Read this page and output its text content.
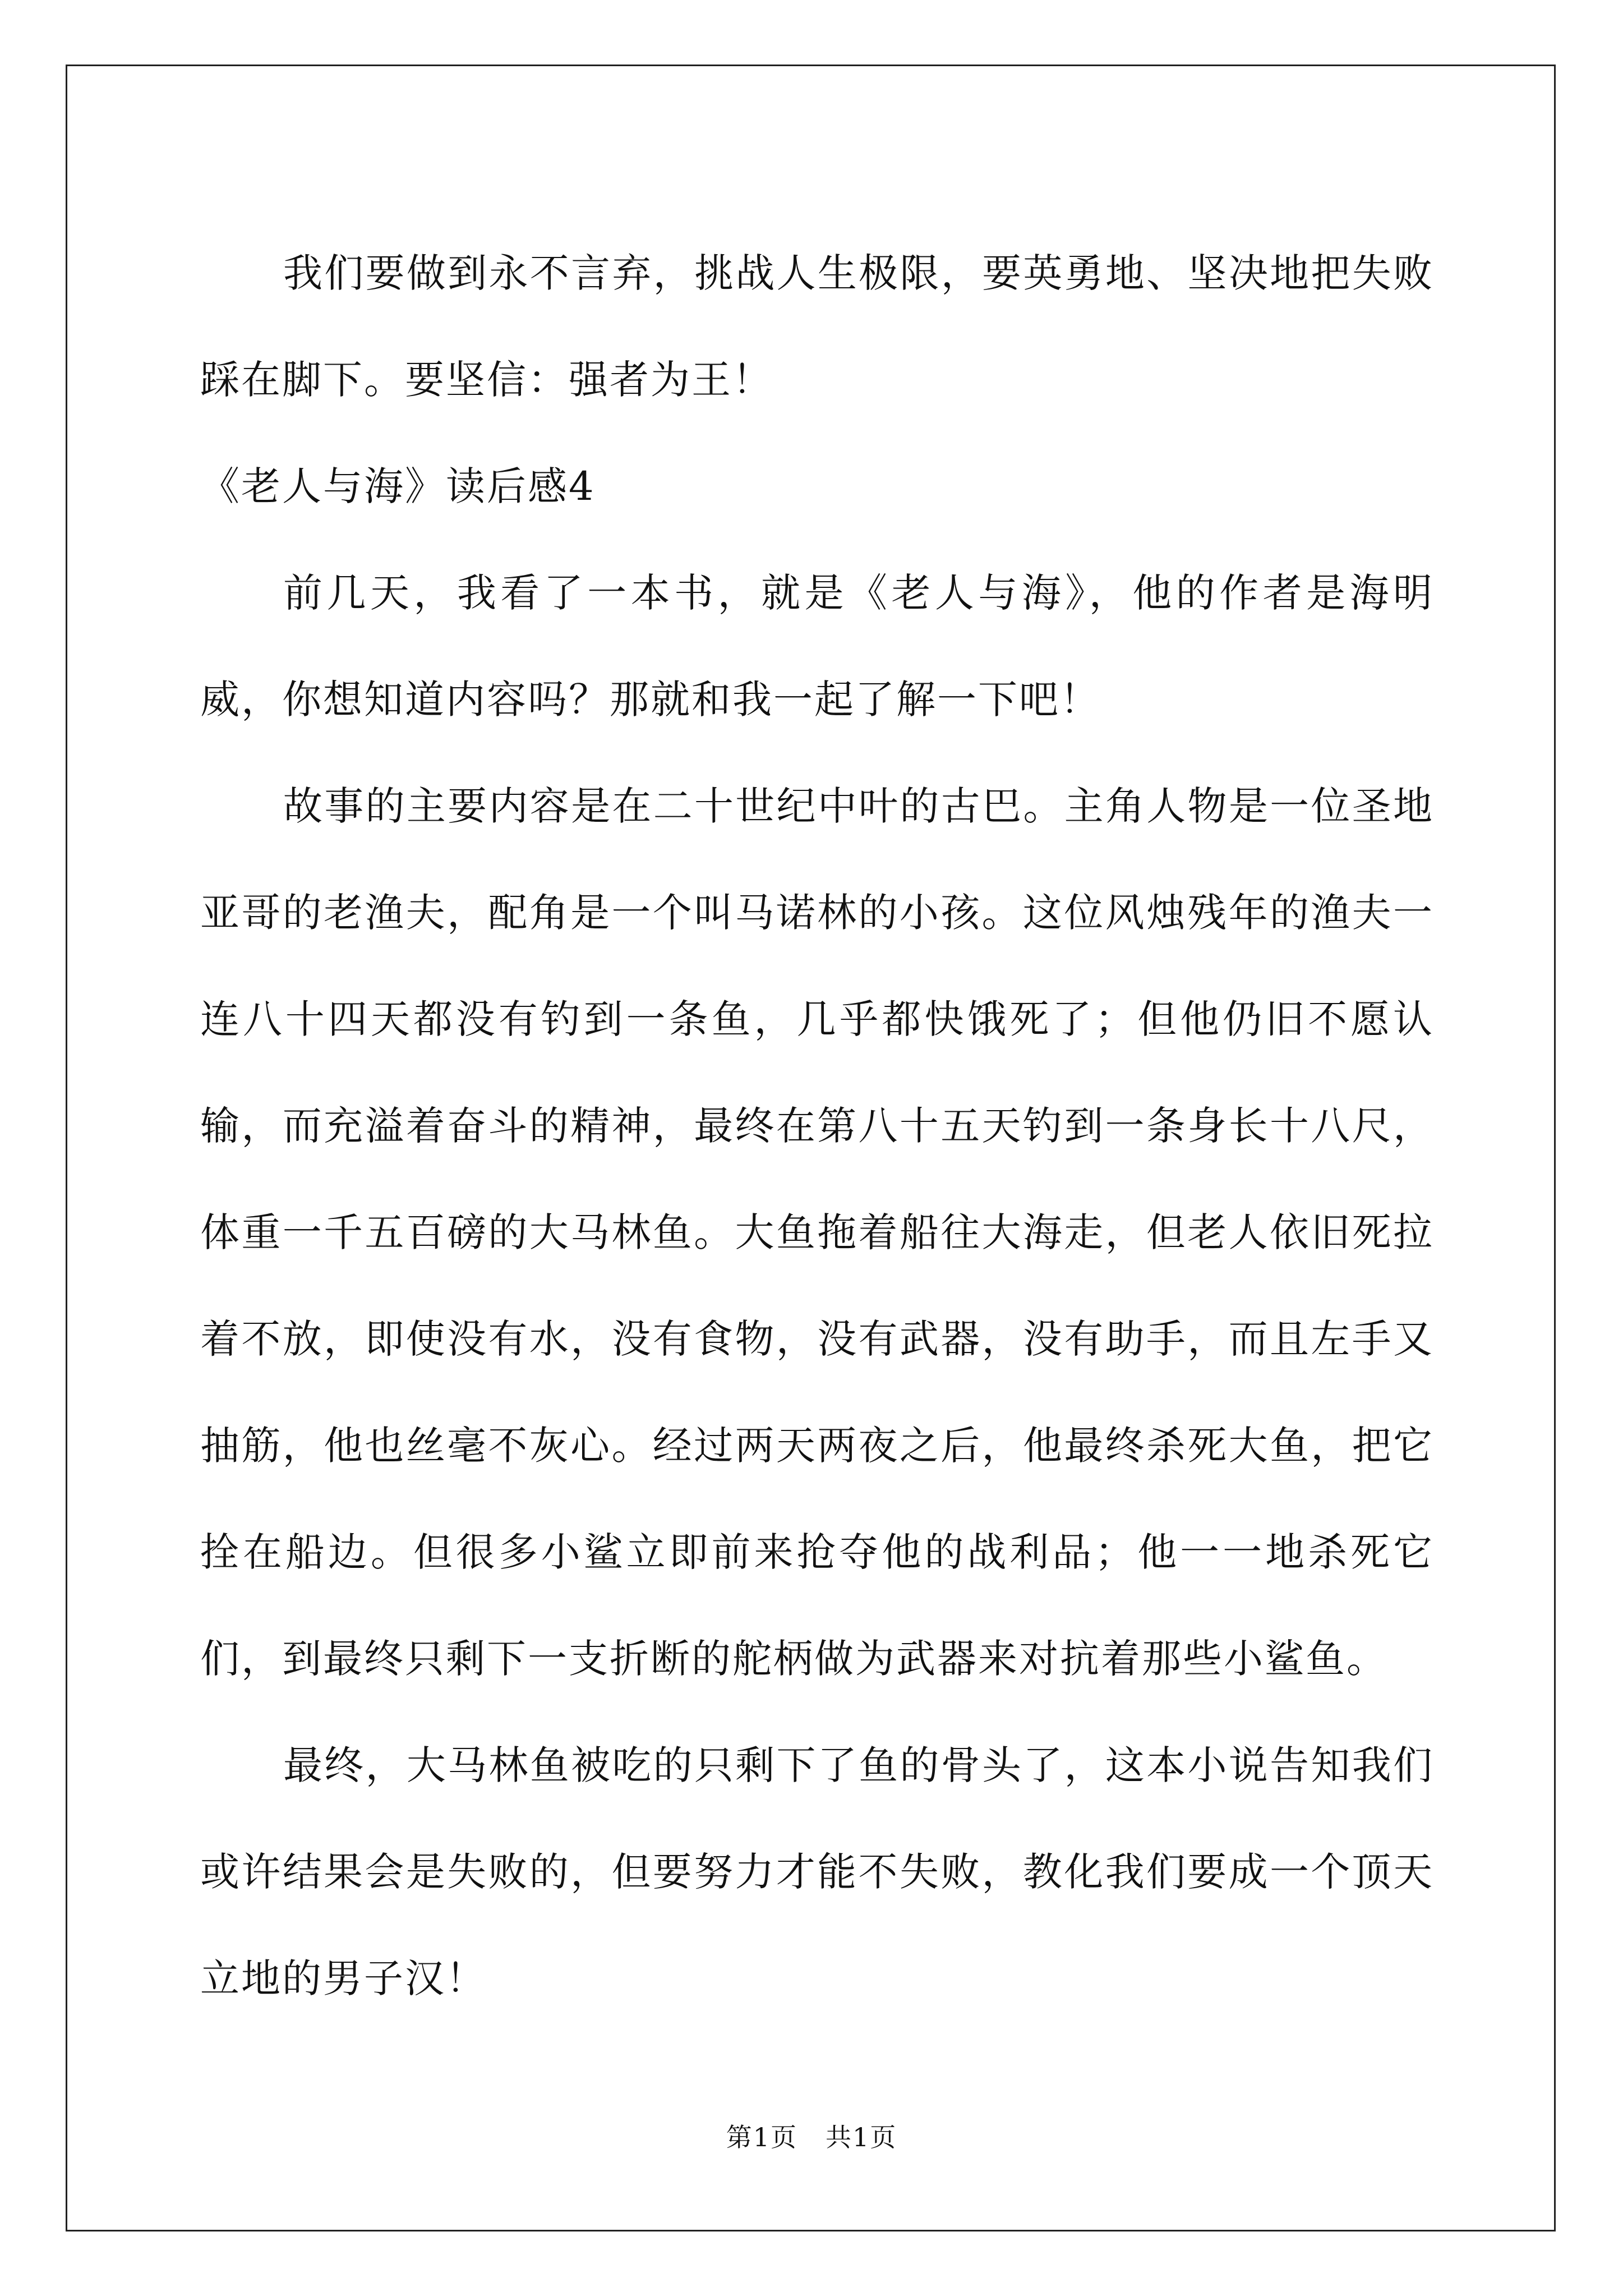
我们要做到永不言弃，挑战人生极限，要英勇地、坚决地把失败踩在脚下。要坚信：强者为王！

《老人与海》读后感4

前几天，我看了一本书，就是《老人与海》，他的作者是海明威，你想知道内容吗？那就和我一起了解一下吧！

故事的主要内容是在二十世纪中叶的古巴。主角人物是一位圣地亚哥的老渔夫，配角是一个叫马诺林的小孩。这位风烛残年的渔夫一连八十四天都没有钓到一条鱼，几乎都快饿死了；但他仍旧不愿认输，而充溢着奋斗的精神，最终在第八十五天钓到一条身长十八尺，体重一千五百磅的大马林鱼。大鱼拖着船往大海走，但老人依旧死拉着不放，即使没有水，没有食物，没有武器，没有助手，而且左手又抽筋，他也丝毫不灰心。经过两天两夜之后，他最终杀死大鱼，把它拴在船边。但很多小鲨立即前来抢夺他的战利品；他一一地杀死它们，到最终只剩下一支折断的舵柄做为武器来对抗着那些小鲨鱼。

最终，大马林鱼被吃的只剩下了鱼的骨头了，这本小说告知我们或许结果会是失败的，但要努力才能不失败，教化我们要成一个顶天立地的男子汉！

第1页 共1页
